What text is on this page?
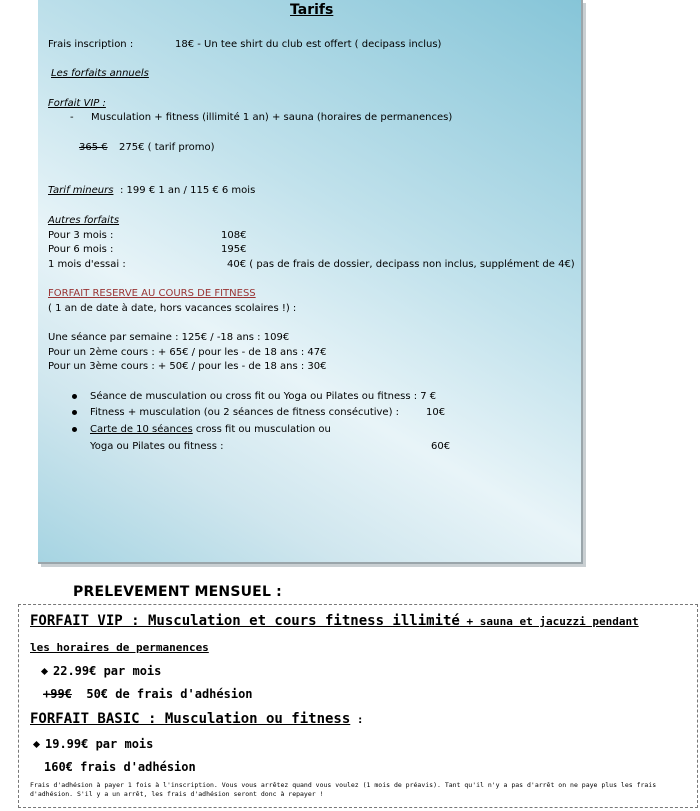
Tarifs
Frais inscription :	18€ - Un tee shirt du club est offert ( decipass inclus)
Les forfaits annuels
Forfait VIP :
- Musculation + fitness (illimité 1 an) + sauna (horaires de permanences)
365 € 275€ ( tarif promo)
Tarif mineurs : 199 € 1 an / 115 € 6 mois
Autres forfaits
Pour 3 mois :	108€
Pour 6 mois :	195€
1 mois d'essai :	40€ ( pas de frais de dossier, decipass non inclus, supplément de 4€)
FORFAIT RESERVE AU COURS DE FITNESS
( 1 an de date à date, hors vacances scolaires !) :
Une séance par semaine : 125€ / -18 ans : 109€
Pour un 2ème cours : + 65€ / pour les - de 18 ans : 47€
Pour un 3ème cours : + 50€ / pour les - de 18 ans : 30€
Séance de musculation ou cross fit ou Yoga ou Pilates ou fitness : 7 €
Fitness + musculation (ou 2 séances de fitness consécutive) :	10€
Carte de 10 séances cross fit ou musculation ou
Yoga ou Pilates ou fitness :	60€
PRELEVEMENT MENSUEL :
FORFAIT VIP : Musculation et cours fitness illimité + sauna et jacuzzi pendant
les horaires de permanences
22.99€ par mois
+99€ 50€ de frais d'adhésion
FORFAIT BASIC : Musculation ou fitness :
19.99€ par mois
160€ frais d'adhésion
Frais d'adhésion à payer 1 fois à l'inscription. Vous vous arrêtez quand vous voulez (1 mois de préavis). Tant qu'il n'y a pas d'arrêt on ne paye plus les frais d'adhésion. S'il y a un arrêt, les frais d'adhésion seront donc à repayer !
